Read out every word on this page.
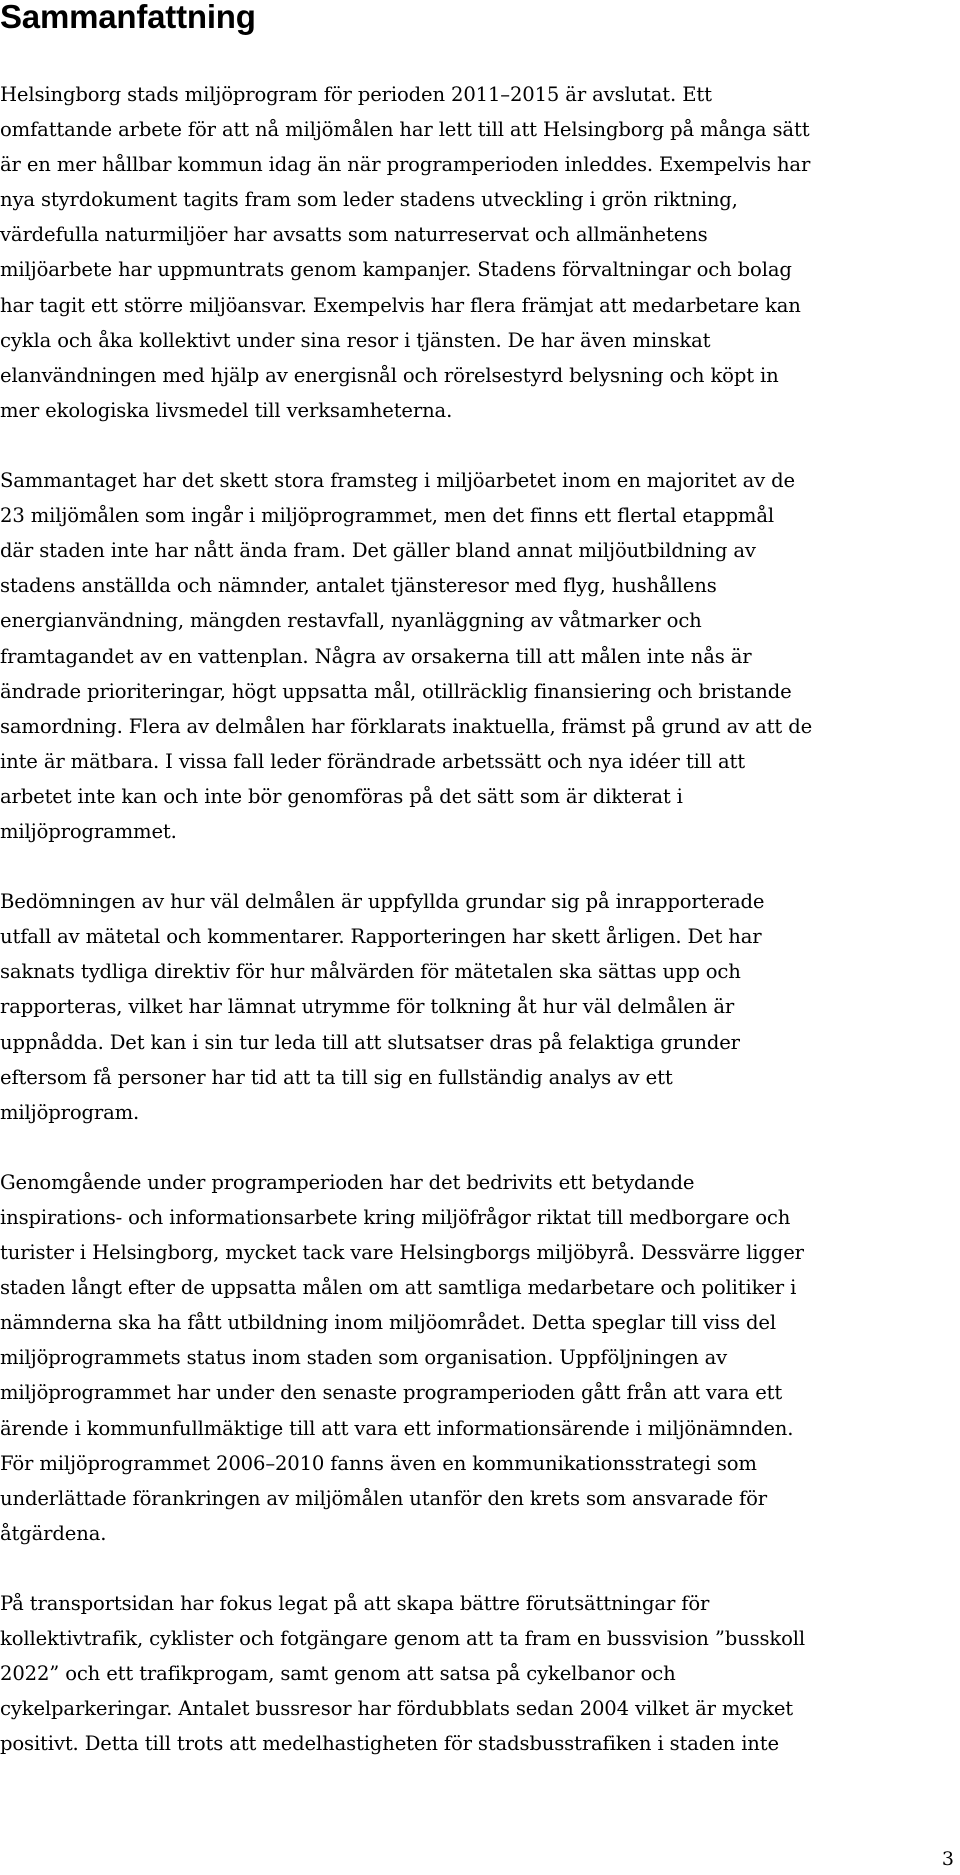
Sammanfattning

Helsingborg stads miljöprogram för perioden 2011–2015 är avslutat. Ett
omfattande arbete för att nå miljömålen har lett till att Helsingborg på många sätt
är en mer hållbar kommun idag än när programperioden inleddes. Exempelvis har
nya styrdokument tagits fram som leder stadens utveckling i grön riktning,
värdefulla naturmiljöer har avsatts som naturreservat och allmänhetens
miljöarbete har uppmuntrats genom kampanjer. Stadens förvaltningar och bolag
har tagit ett större miljöansvar. Exempelvis har flera främjat att medarbetare kan
cykla och åka kollektivt under sina resor i tjänsten. De har även minskat
elanvändningen med hjälp av energisnål och rörelsestyrd belysning och köpt in
mer ekologiska livsmedel till verksamheterna.

Sammantaget har det skett stora framsteg i miljöarbetet inom en majoritet av de
23 miljömålen som ingår i miljöprogrammet, men det finns ett flertal etappmål
där staden inte har nått ända fram. Det gäller bland annat miljöutbildning av
stadens anställda och nämnder, antalet tjänsteresor med flyg, hushållens
energianvändning, mängden restavfall, nyanläggning av våtmarker och
framtagandet av en vattenplan. Några av orsakerna till att målen inte nås är
ändrade prioriteringar, högt uppsatta mål, otillräcklig finansiering och bristande
samordning. Flera av delmålen har förklarats inaktuella, främst på grund av att de
inte är mätbara. I vissa fall leder förändrade arbetssätt och nya idéer till att
arbetet inte kan och inte bör genomföras på det sätt som är dikterat i
miljöprogrammet.

Bedömningen av hur väl delmålen är uppfyllda grundar sig på inrapporterade
utfall av mätetal och kommentarer. Rapporteringen har skett årligen. Det har
saknats tydliga direktiv för hur målvärden för mätetalen ska sättas upp och
rapporteras, vilket har lämnat utrymme för tolkning åt hur väl delmålen är
uppnådda. Det kan i sin tur leda till att slutsatser dras på felaktiga grunder
eftersom få personer har tid att ta till sig en fullständig analys av ett
miljöprogram.

Genomgående under programperioden har det bedrivits ett betydande
inspirations- och informationsarbete kring miljöfrågor riktat till medborgare och
turister i Helsingborg, mycket tack vare Helsingborgs miljöbyrå. Dessvärre ligger
staden långt efter de uppsatta målen om att samtliga medarbetare och politiker i
nämnderna ska ha fått utbildning inom miljöområdet. Detta speglar till viss del
miljöprogrammets status inom staden som organisation. Uppföljningen av
miljöprogrammet har under den senaste programperioden gått från att vara ett
ärende i kommunfullmäktige till att vara ett informationsärende i miljönämnden.
För miljöprogrammet 2006–2010 fanns även en kommunikationsstrategi som
underlättade förankringen av miljömålen utanför den krets som ansvarade för
åtgärdena.

På transportsidan har fokus legat på att skapa bättre förutsättningar för
kollektivtrafik, cyklister och fotgängare genom att ta fram en bussvision ”busskoll
2022” och ett trafikprogam, samt genom att satsa på cykelbanor och
cykelparkeringar. Antalet bussresor har fördubblats sedan 2004 vilket är mycket
positivt. Detta till trots att medelhastigheten för stadsbusstrafiken i staden inte

3
